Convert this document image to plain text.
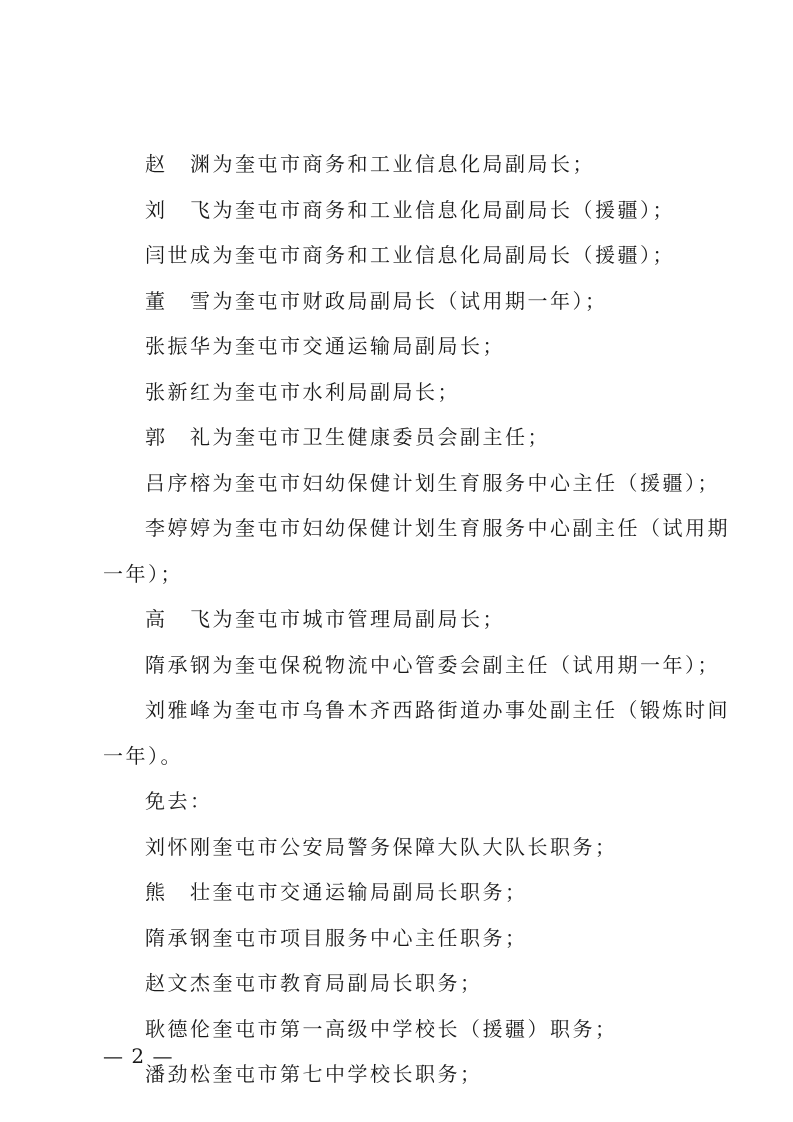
赵　渊为奎屯市商务和工业信息化局副局长；
刘　飞为奎屯市商务和工业信息化局副局长（援疆）；
闫世成为奎屯市商务和工业信息化局副局长（援疆）；
董　雪为奎屯市财政局副局长（试用期一年）；
张振华为奎屯市交通运输局副局长；
张新红为奎屯市水利局副局长；
郭　礼为奎屯市卫生健康委员会副主任；
吕序榕为奎屯市妇幼保健计划生育服务中心主任（援疆）；
李婷婷为奎屯市妇幼保健计划生育服务中心副主任（试用期
一年）；
高　飞为奎屯市城市管理局副局长；
隋承钢为奎屯保税物流中心管委会副主任（试用期一年）；
刘雅峰为奎屯市乌鲁木齐西路街道办事处副主任（锻炼时间
一年）。
免去：
刘怀刚奎屯市公安局警务保障大队大队长职务；
熊　壮奎屯市交通运输局副局长职务；
隋承钢奎屯市项目服务中心主任职务；
赵文杰奎屯市教育局副局长职务；
耿德伦奎屯市第一高级中学校长（援疆）职务；
潘劲松奎屯市第七中学校长职务；
— 2 —
